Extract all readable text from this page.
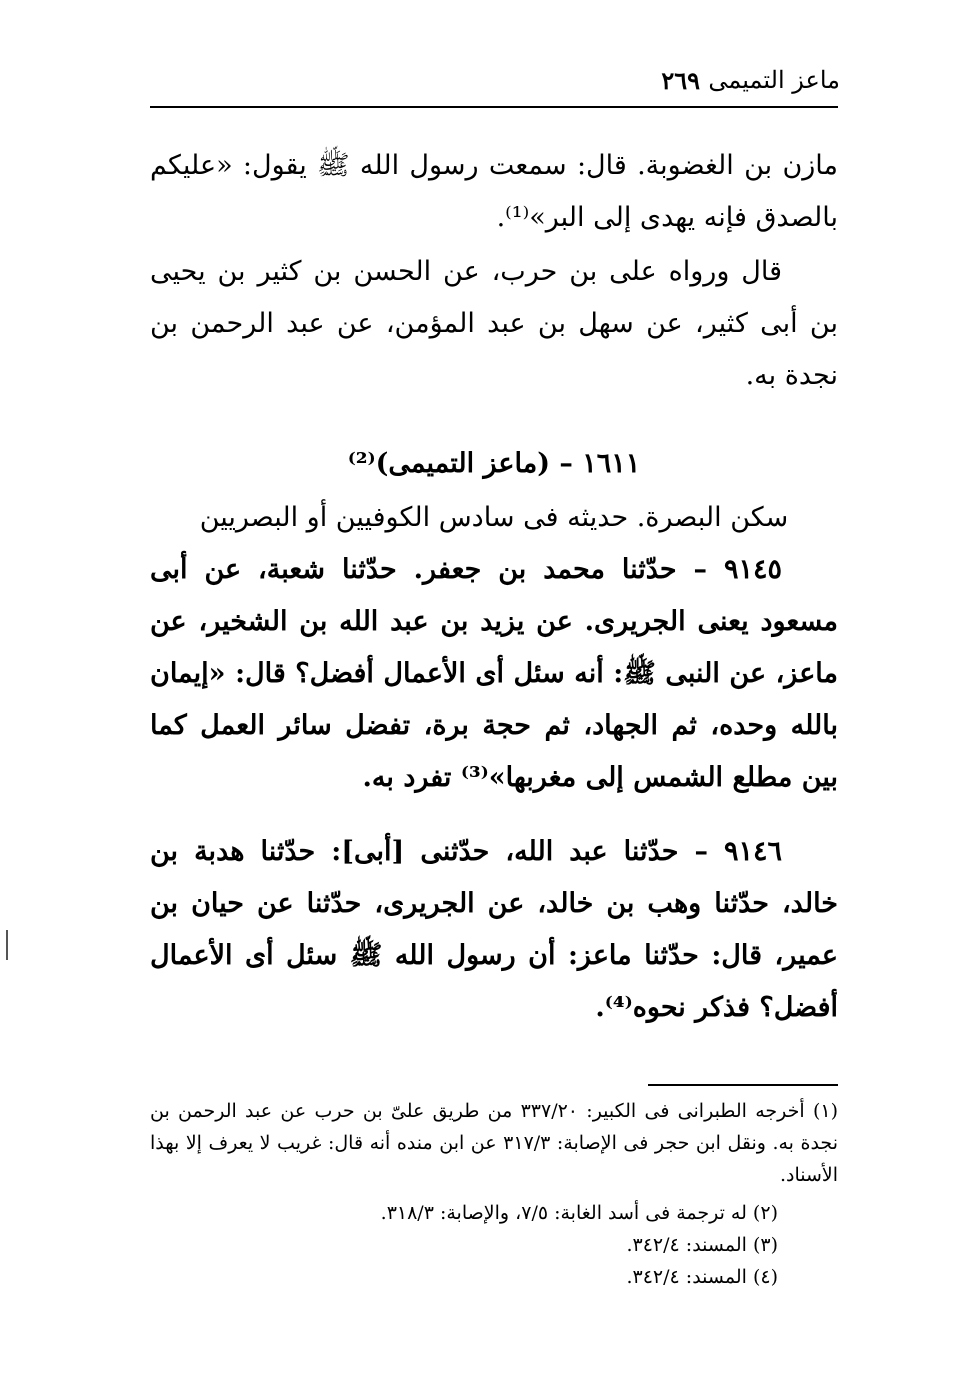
ماعز التميمى
٢٦٩

مازن بن الغضوبة. قال: سمعت رسول الله ﷺ يقول: «عليكم بالصدق فإنه يهدى إلى البر»⁽¹⁾.

قال ورواه على بن حرب، عن الحسن بن كثير بن يحيى بن أبى كثير، عن سهل بن عبد المؤمن، عن عبد الرحمن بن نجدة به.

١٦١١ – (ماعز التميمى)⁽²⁾

سكن البصرة. حديثه فى سادس الكوفيين أو البصريين

٩١٤٥ – حدّثنا محمد بن جعفر. حدّثنا شعبة، عن أبى مسعود يعنى الجريرى. عن يزيد بن عبد الله بن الشخير، عن ماعز، عن النبى ﷺ: أنه سئل أى الأعمال أفضل؟ قال: «إيمان بالله وحده، ثم الجهاد، ثم حجة برة، تفضل سائر العمل كما بين مطلع الشمس إلى مغربها»⁽³⁾ تفرد به.

٩١٤٦ – حدّثنا عبد الله، حدّثنى [أبى]: حدّثنا هدبة بن خالد، حدّثنا وهب بن خالد، عن الجريرى، حدّثنا عن حيان بن عمير، قال: حدّثنا ماعز: أن رسول الله ﷺ سئل أى الأعمال أفضل؟ فذكر نحوه⁽⁴⁾.

(١) أخرجه الطبرانى فى الكبير: ٣٣٧/٢٠ من طريق علىّ بن حرب عن عبد الرحمن بن نجدة به. ونقل ابن حجر فى الإصابة: ٣١٧/٣ عن ابن منده أنه قال: غريب لا يعرف إلا بهذا الأسناد.

(٢) له ترجمة فى أسد الغابة: ٧/٥، والإصابة: ٣١٨/٣.

(٣) المسند: ٣٤٢/٤.

(٤) المسند: ٣٤٢/٤.
